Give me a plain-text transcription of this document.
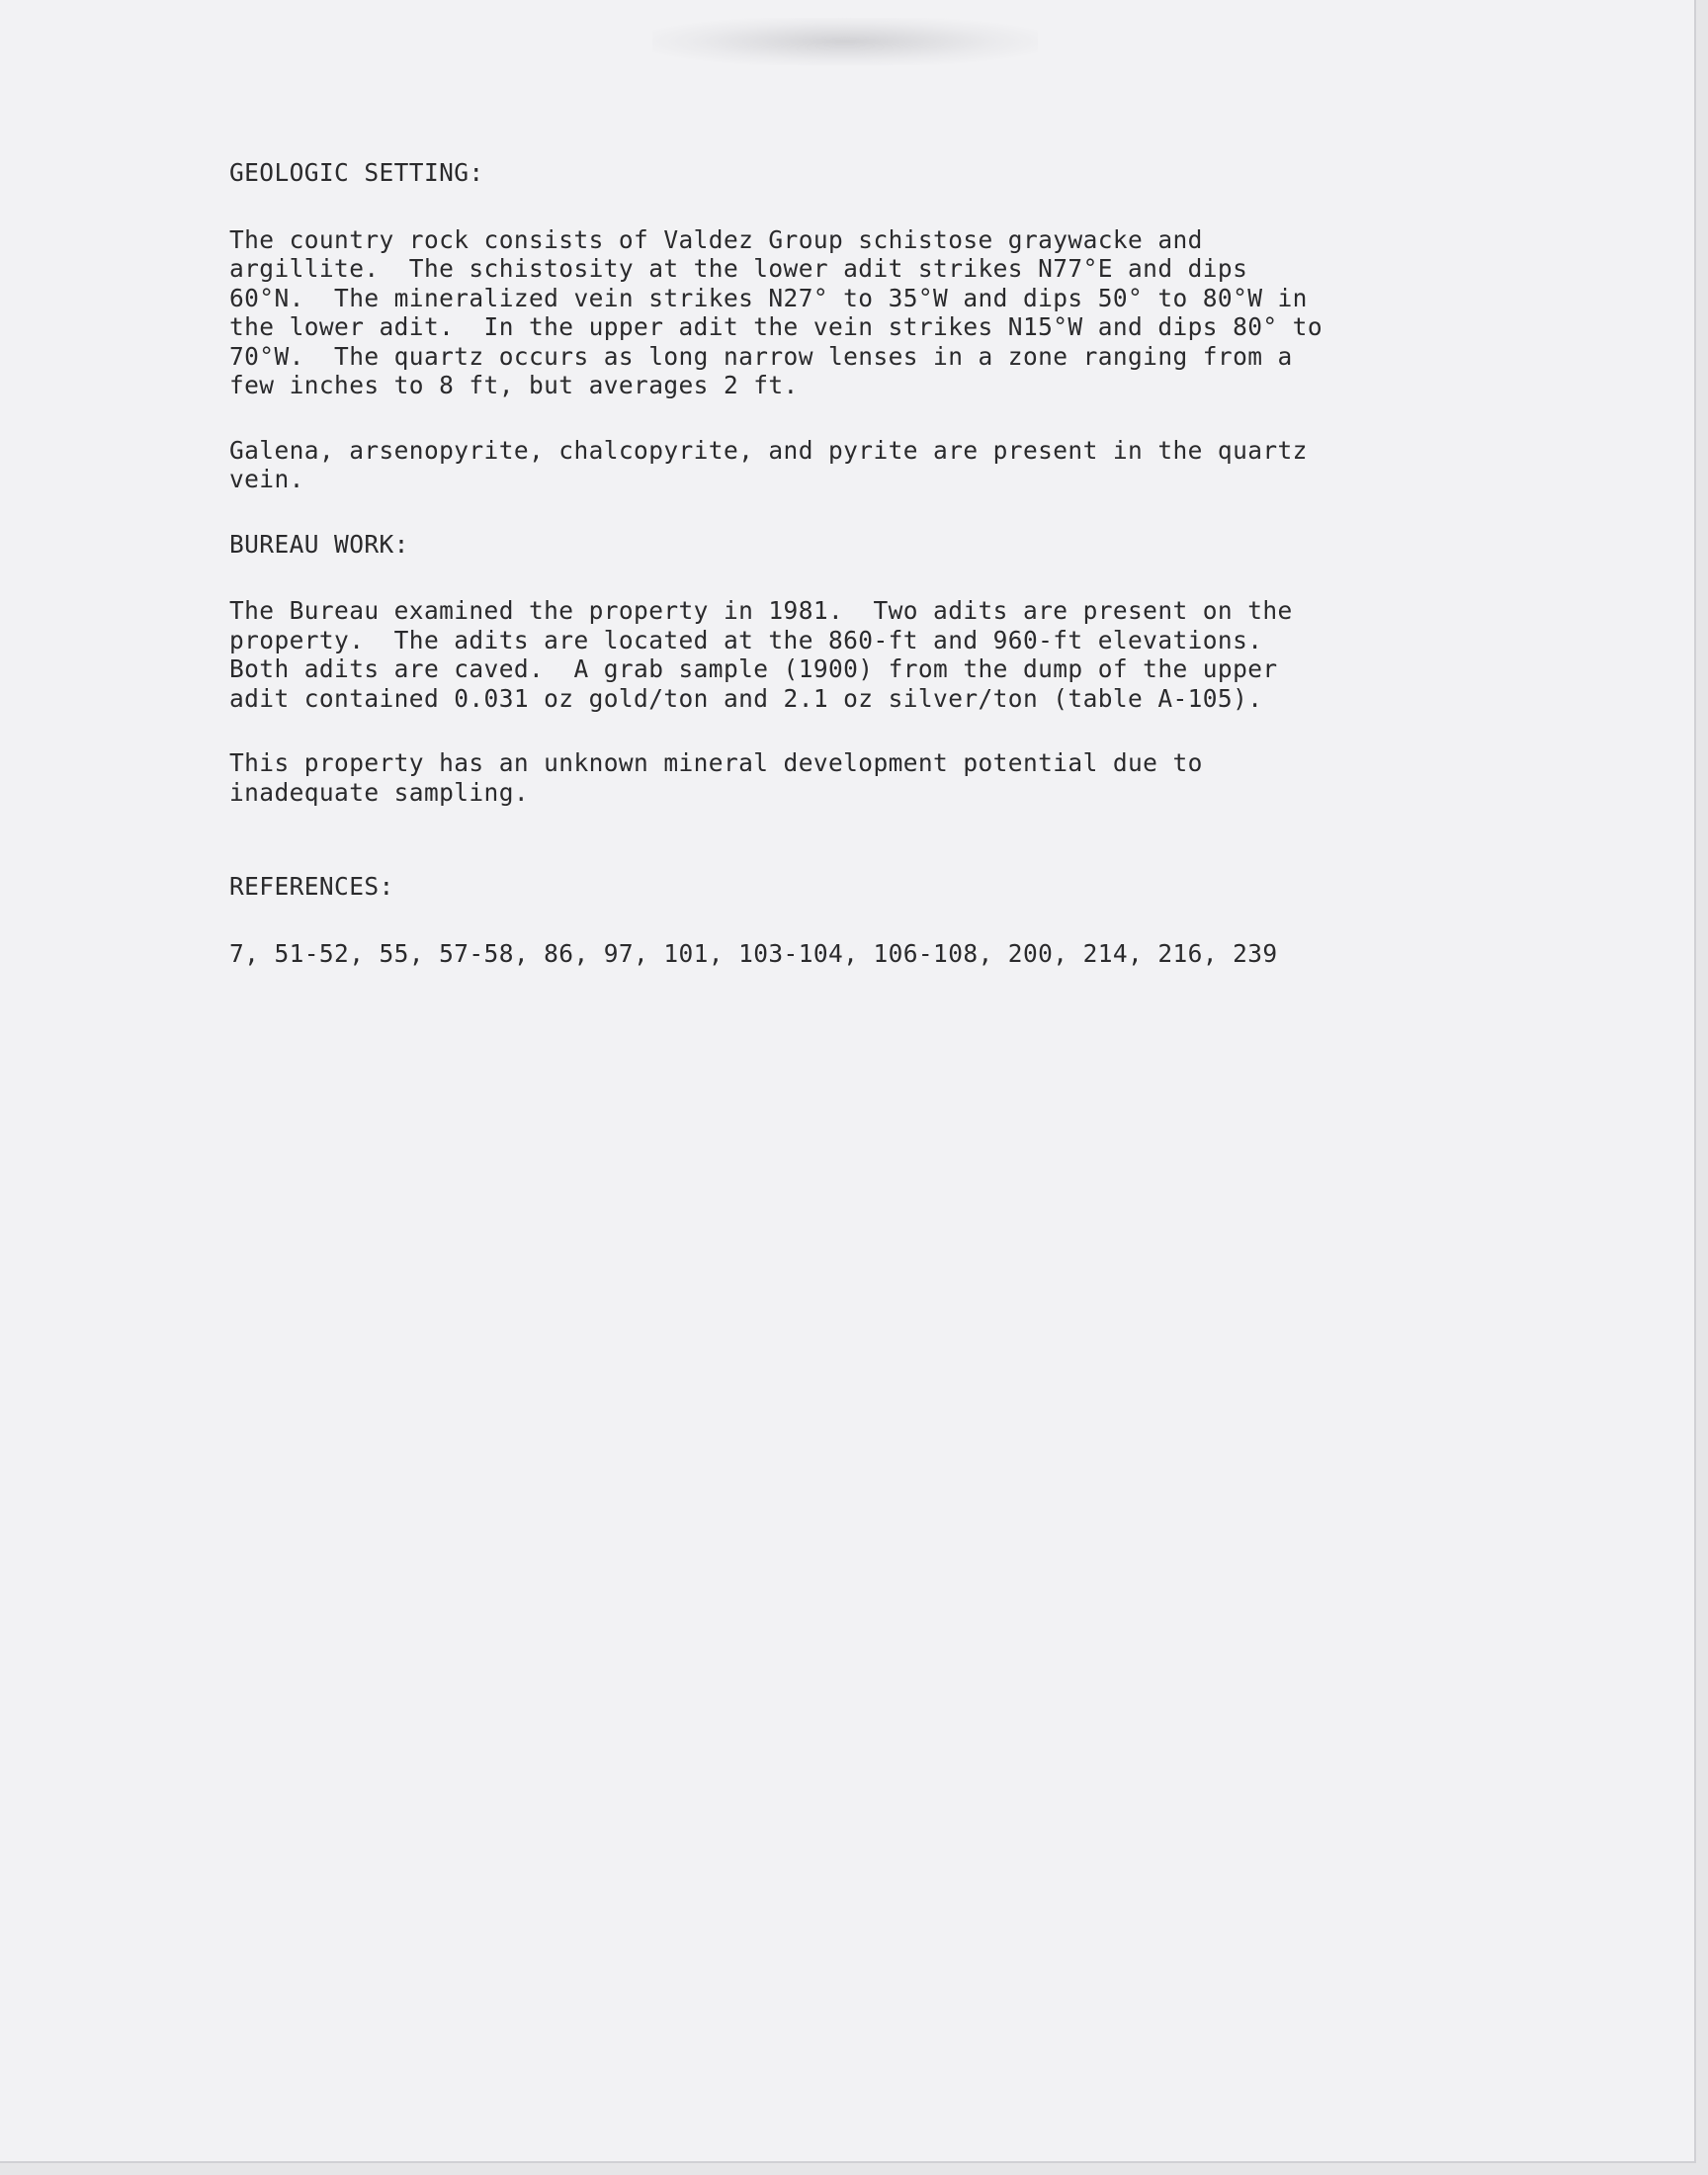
GEOLOGIC SETTING:

The country rock consists of Valdez Group schistose graywacke and
argillite.  The schistosity at the lower adit strikes N77°E and dips
60°N.  The mineralized vein strikes N27° to 35°W and dips 50° to 80°W in
the lower adit.  In the upper adit the vein strikes N15°W and dips 80° to
70°W.  The quartz occurs as long narrow lenses in a zone ranging from a
few inches to 8 ft, but averages 2 ft.

Galena, arsenopyrite, chalcopyrite, and pyrite are present in the quartz
vein.

BUREAU WORK:

The Bureau examined the property in 1981.  Two adits are present on the
property.  The adits are located at the 860-ft and 960-ft elevations.
Both adits are caved.  A grab sample (1900) from the dump of the upper
adit contained 0.031 oz gold/ton and 2.1 oz silver/ton (table A-105).

This property has an unknown mineral development potential due to
inadequate sampling.

REFERENCES:

7, 51-52, 55, 57-58, 86, 97, 101, 103-104, 106-108, 200, 214, 216, 239
